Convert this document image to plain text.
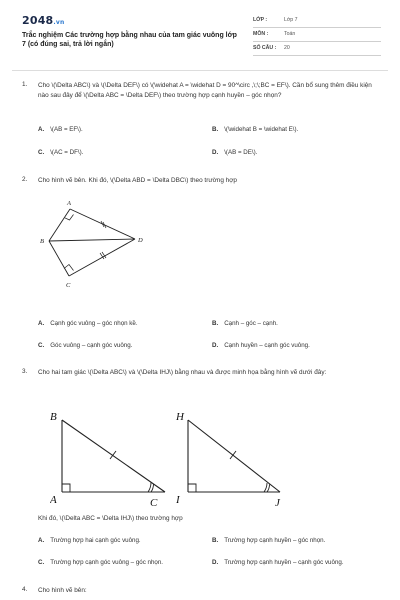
2048.vn
Trắc nghiệm Các trường hợp bằng nhau của tam giác vuông lớp 7 (có đúng sai, trả lời ngắn)
LỚP :	Lớp 7
MÔN :	Toán
SỐ CÂU : 20
1. Cho \(\Delta ABC\) và \(\Delta DEF\) có \(\widehat A = \widehat D = 90^\circ ,\;\;BC = EF\). Cần bổ sung thêm điều kiện nào sau đây để \(\Delta ABC = \Delta DEF\) theo trường hợp cạnh huyền – góc nhọn?
A. \(AB = EF\).	B. \(\widehat B = \widehat E\).
C. \(AC = DF\).	D. \(AB = DE\).
2. Cho hình vẽ bên. Khi đó, \(\Delta ABD = \Delta DBC\) theo trường hợp
A
B
C
D
A. Cạnh góc vuông – góc nhọn kề.	B. Cạnh – góc – cạnh.
C. Góc vuông – cạnh góc vuông.	D. Cạnh huyền – cạnh góc vuông.
3. Cho hai tam giác \(\Delta ABC\) và \(\Delta IHJ\) bằng nhau và được minh họa bằng hình vẽ dưới đây:
B
A	C
H
I	J
Khi đó, \(\Delta ABC = \Delta IHJ\) theo trường hợp
A. Trường hợp hai cạnh góc vuông.	B. Trường hợp cạnh huyền – góc nhọn.
C. Trường hợp cạnh góc vuông – góc nhọn.	D. Trường hợp cạnh huyền – cạnh góc vuông.
4. Cho hình vẽ bên:
